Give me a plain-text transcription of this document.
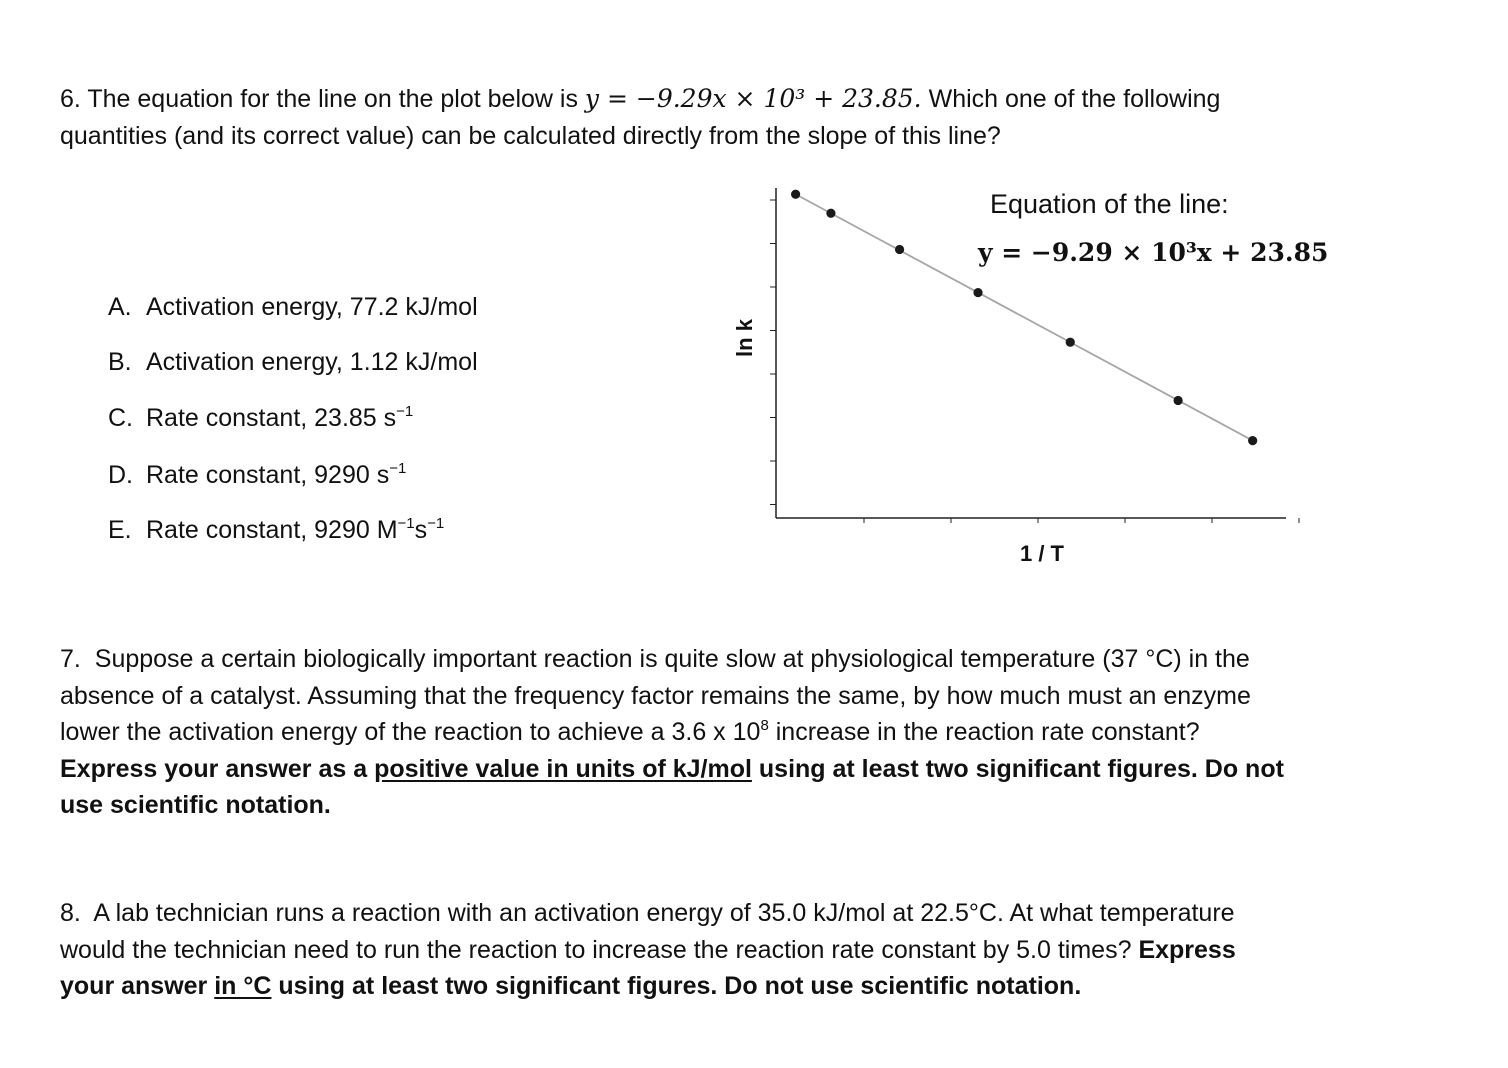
6. The equation for the line on the plot below is y = −9.29x × 10³ + 23.85. Which one of the following
quantities (and its correct value) can be calculated directly from the slope of this line?

A. Activation energy, 77.2 kJ/mol

B. Activation energy, 1.12 kJ/mol

C. Rate constant, 23.85 $s^{-1}$

D. Rate constant, 9290 $s^{-1}$

E. Rate constant, 9290 $M^{-1}s^{-1}$

ln k
1 / T
Equation of the line:
y = −9.29 × 10³x + 23.85

7. Suppose a certain biologically important reaction is quite slow at physiological temperature (37 °C) in the
absence of a catalyst. Assuming that the frequency factor remains the same, by how much must an enzyme
lower the activation energy of the reaction to achieve a 3.6 x $10^8$ increase in the reaction rate constant?
Express your answer as a positive value in units of kJ/mol using at least two significant figures. Do not
use scientific notation.

8. A lab technician runs a reaction with an activation energy of 35.0 kJ/mol at 22.5°C. At what temperature
would the technician need to run the reaction to increase the reaction rate constant by 5.0 times? Express
your answer in °C using at least two significant figures. Do not use scientific notation.
